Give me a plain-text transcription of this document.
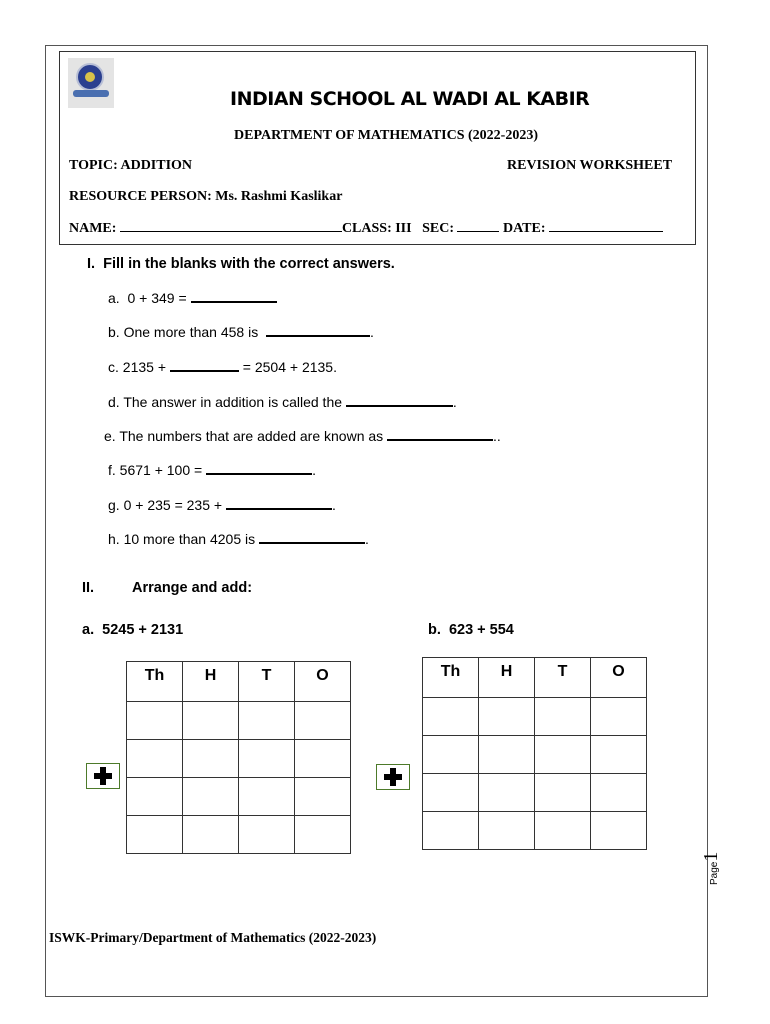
INDIAN SCHOOL AL WADI AL KABIR
DEPARTMENT OF MATHEMATICS (2022-2023)
TOPIC: ADDITION	REVISION WORKSHEET
RESOURCE PERSON: Ms. Rashmi Kaslikar
NAME:	CLASS: III SEC:	DATE:
I.  Fill in the blanks with the correct answers.
a. 0 + 349 =
b. One more than 458 is	.
c. 2135 +	= 2504 + 2135.
d. The answer in addition is called the	.
e. The numbers that are added are known as	..
f. 5671 + 100 =	.
g. 0 + 235 = 235 +	.
h. 10 more than 4205 is	.
II.	Arrange and add:
a.  5245 + 2131	b.  623 + 554
Th	H	T	O

				Th	H	T	O

ISWK-Primary/Department of Mathematics (2022-2023)
Page1
